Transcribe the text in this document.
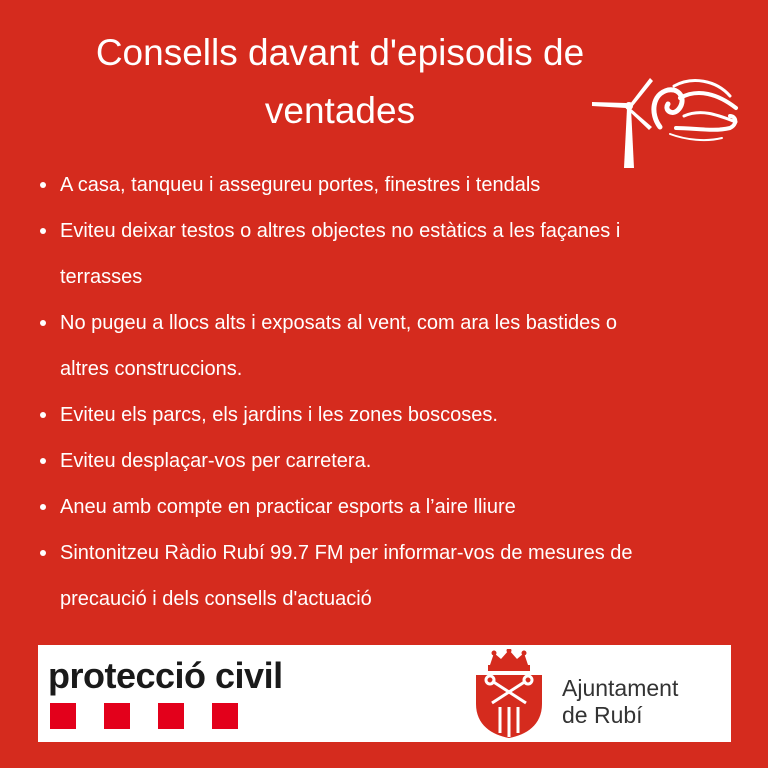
Consells davant d'episodis de
ventades
A casa, tanqueu i assegureu portes, finestres i tendals
Eviteu deixar testos o altres objectes no estàtics a les façanes i terrasses
No pugeu a llocs alts i exposats al vent, com ara les bastides o altres construccions.
Eviteu els parcs, els jardins i les zones boscoses.
Eviteu desplaçar-vos per carretera.
Aneu amb compte en practicar esports a l’aire lliure
Sintonitzeu Ràdio Rubí 99.7 FM per informar-vos de mesures de precaució i dels consells d'actuació
protecció civil	Ajuntament
de Rubí
